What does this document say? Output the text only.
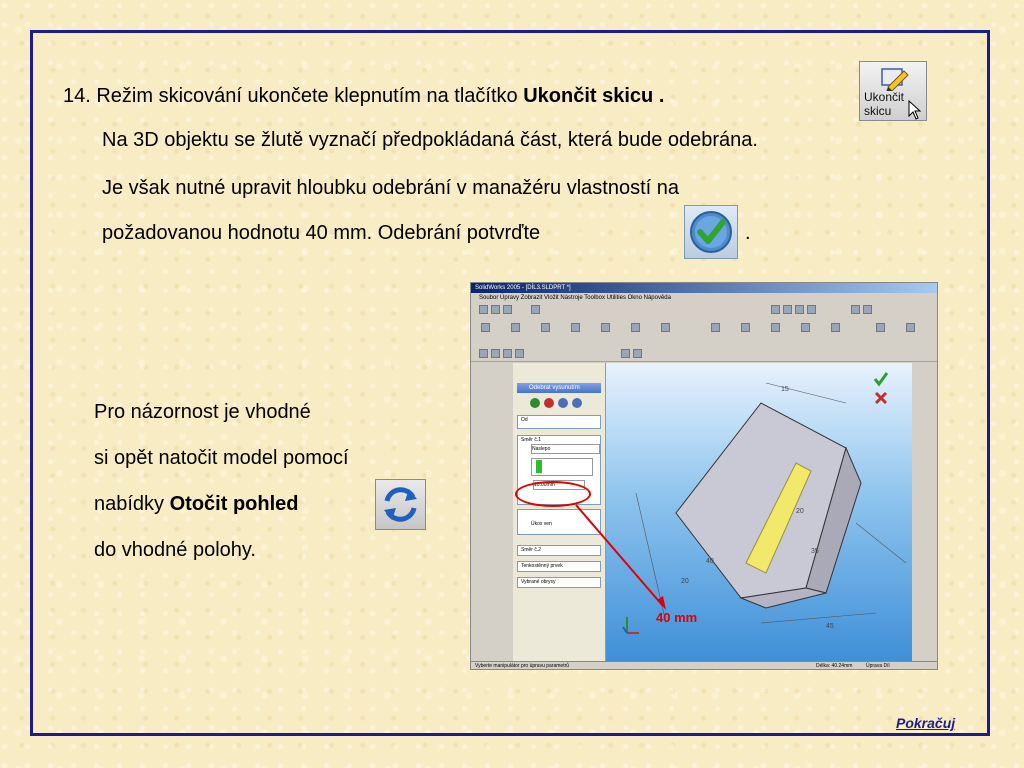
14. Režim skicování ukončete klepnutím na tlačítko Ukončit skicu .
Na 3D objektu se žlutě vyznačí předpokládaná část, která bude odebrána.
Je však nutné upravit hloubku odebrání v manažéru vlastností na
požadovanou hodnotu 40 mm. Odebrání potvrďte	.
Ukončit
skicu
Pro názornost je vhodné
si opět natočit model pomocí
nabídky Otočit pohled
do vhodné polohy.
SolidWorks 2005 - [DÍL3.SLDPRT *]
Soubor Úpravy Zobrazit Vložit Nástroje Toolbox Utilities Okno Nápověda
Odebrat vysunutím
Od
Směr č.1
Naslepo
10.00mm
Úkos ven
Směr č.2
Tenkostěnný prvek
Vybrané obrysy
15
20
35
45
40
20
40 mm
Vyberte manipulátor pro úpravu parametrů	Délka: 40.24mm	Úprava Díl
Pokračuj
